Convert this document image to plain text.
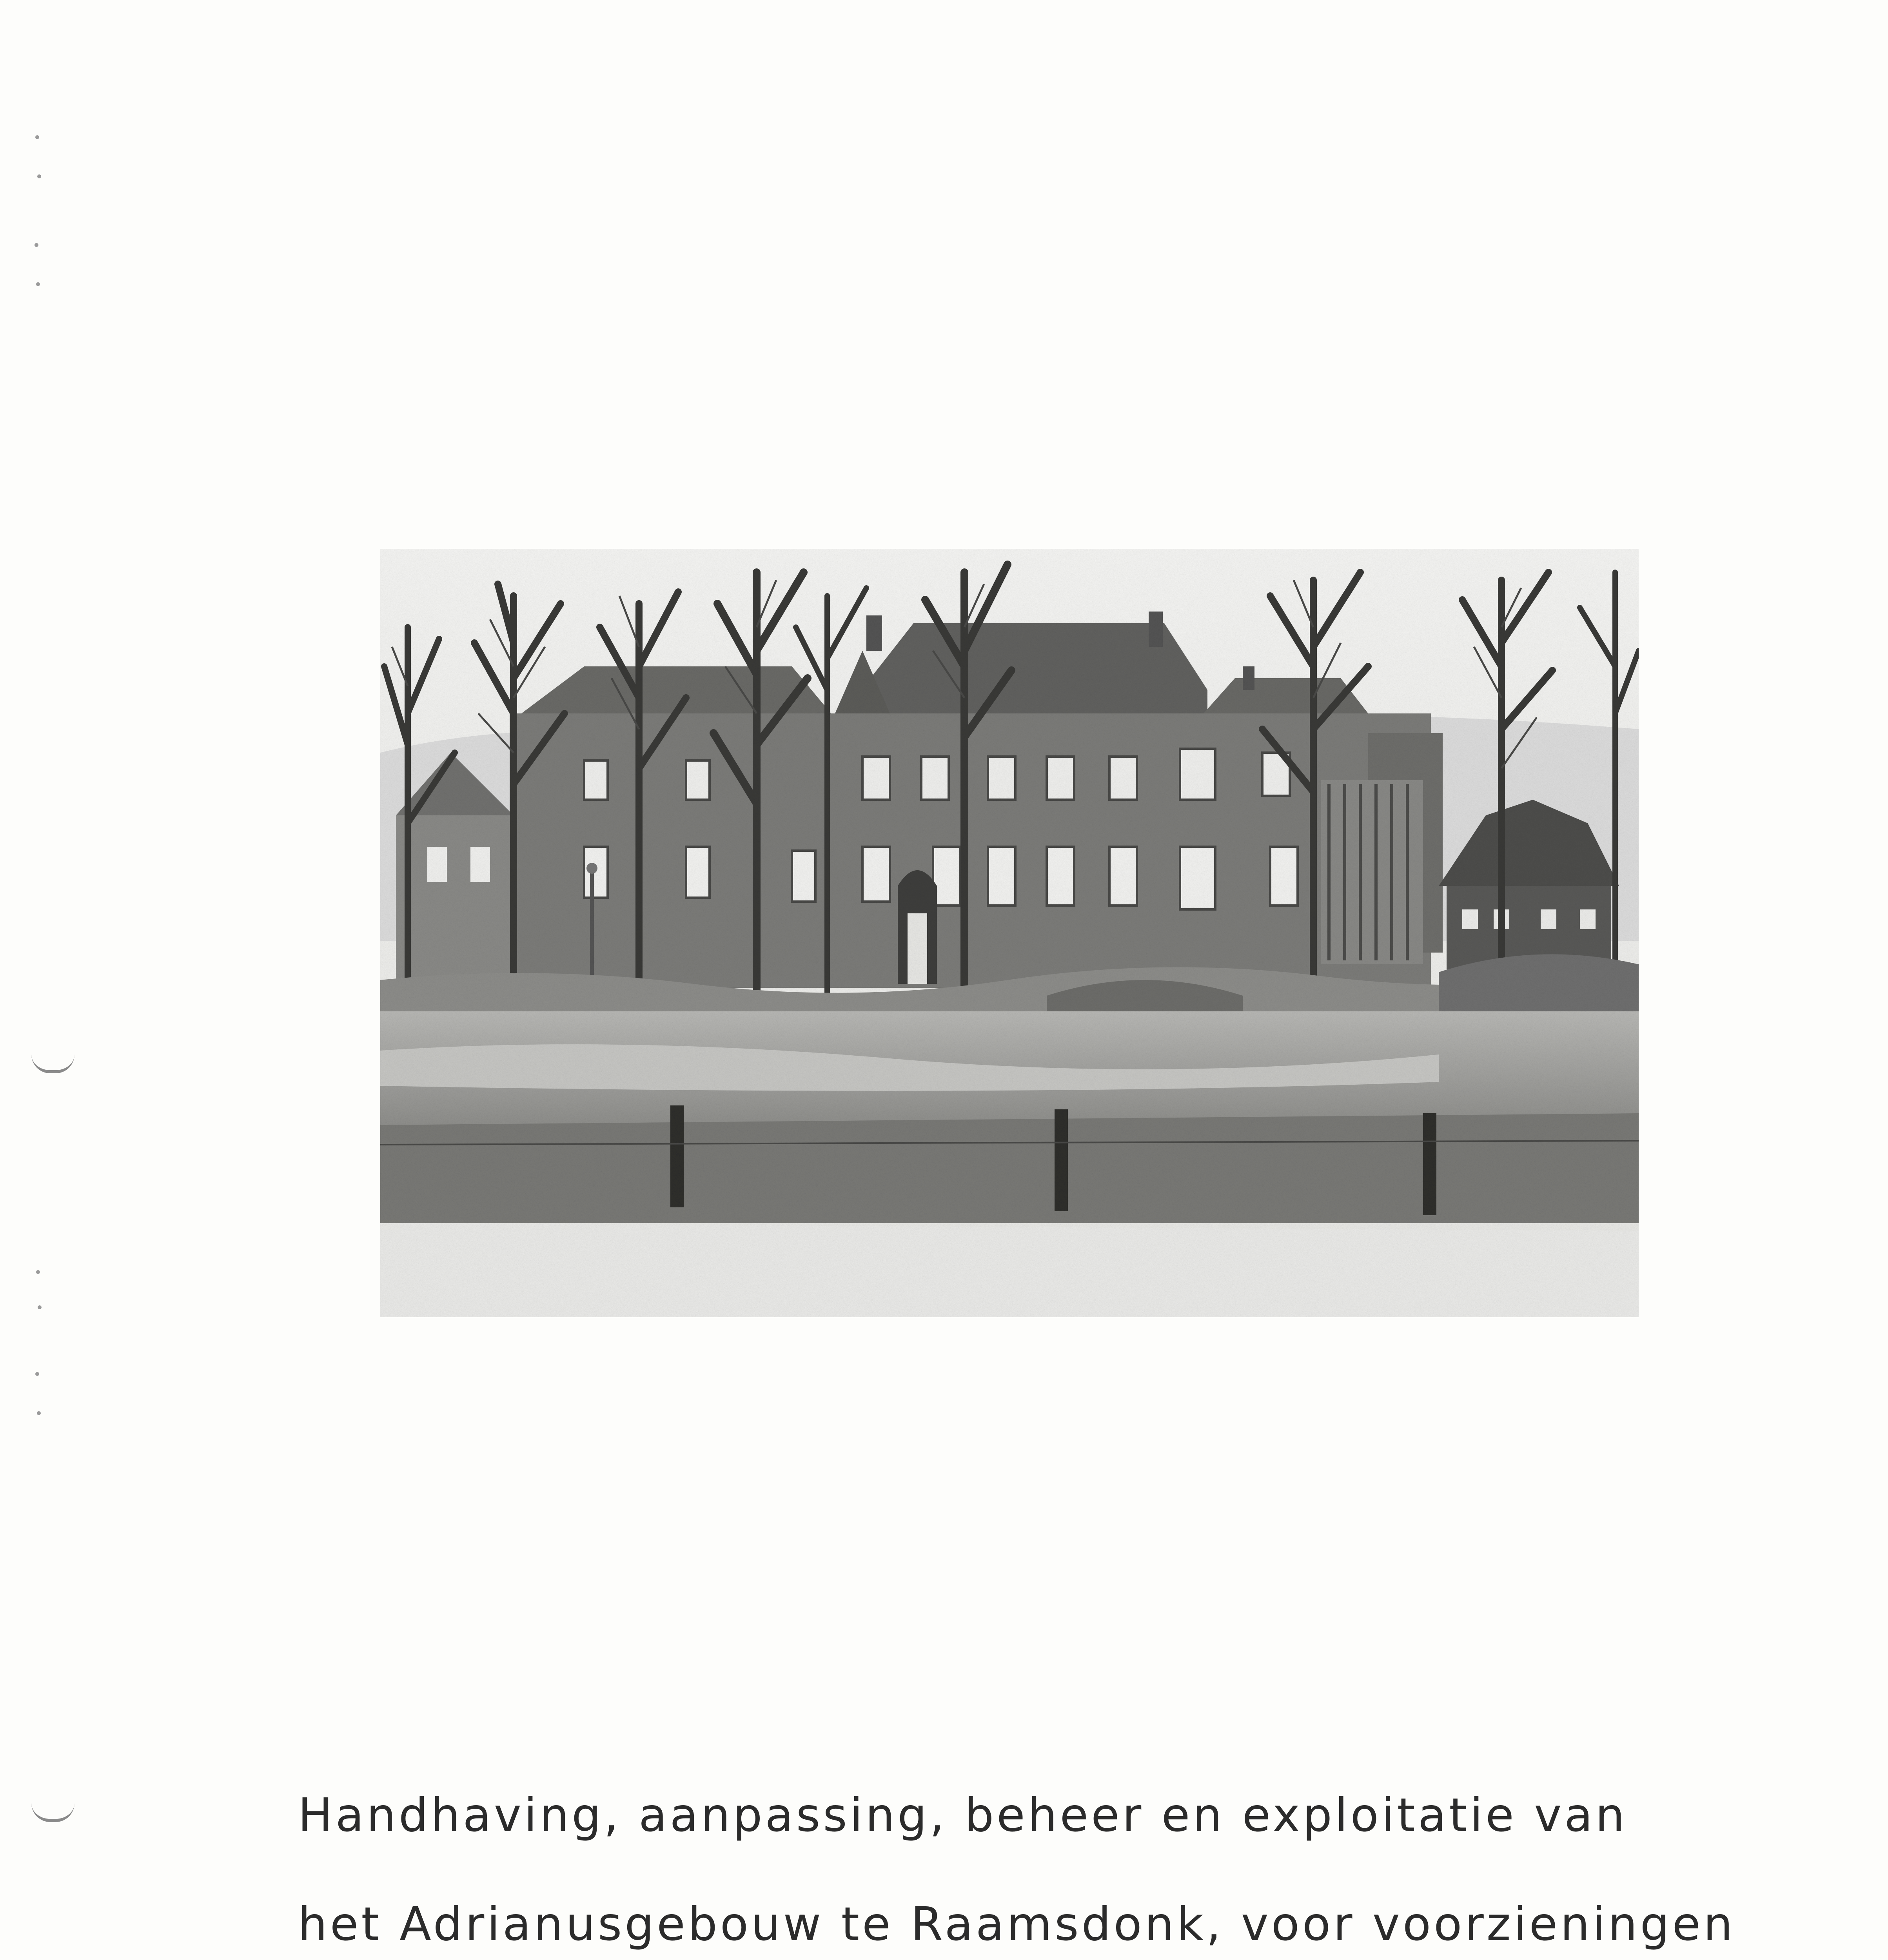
Handhaving, aanpassing, beheer en exploitatie van
het Adrianusgebouw te Raamsdonk, voor voorzieningen
